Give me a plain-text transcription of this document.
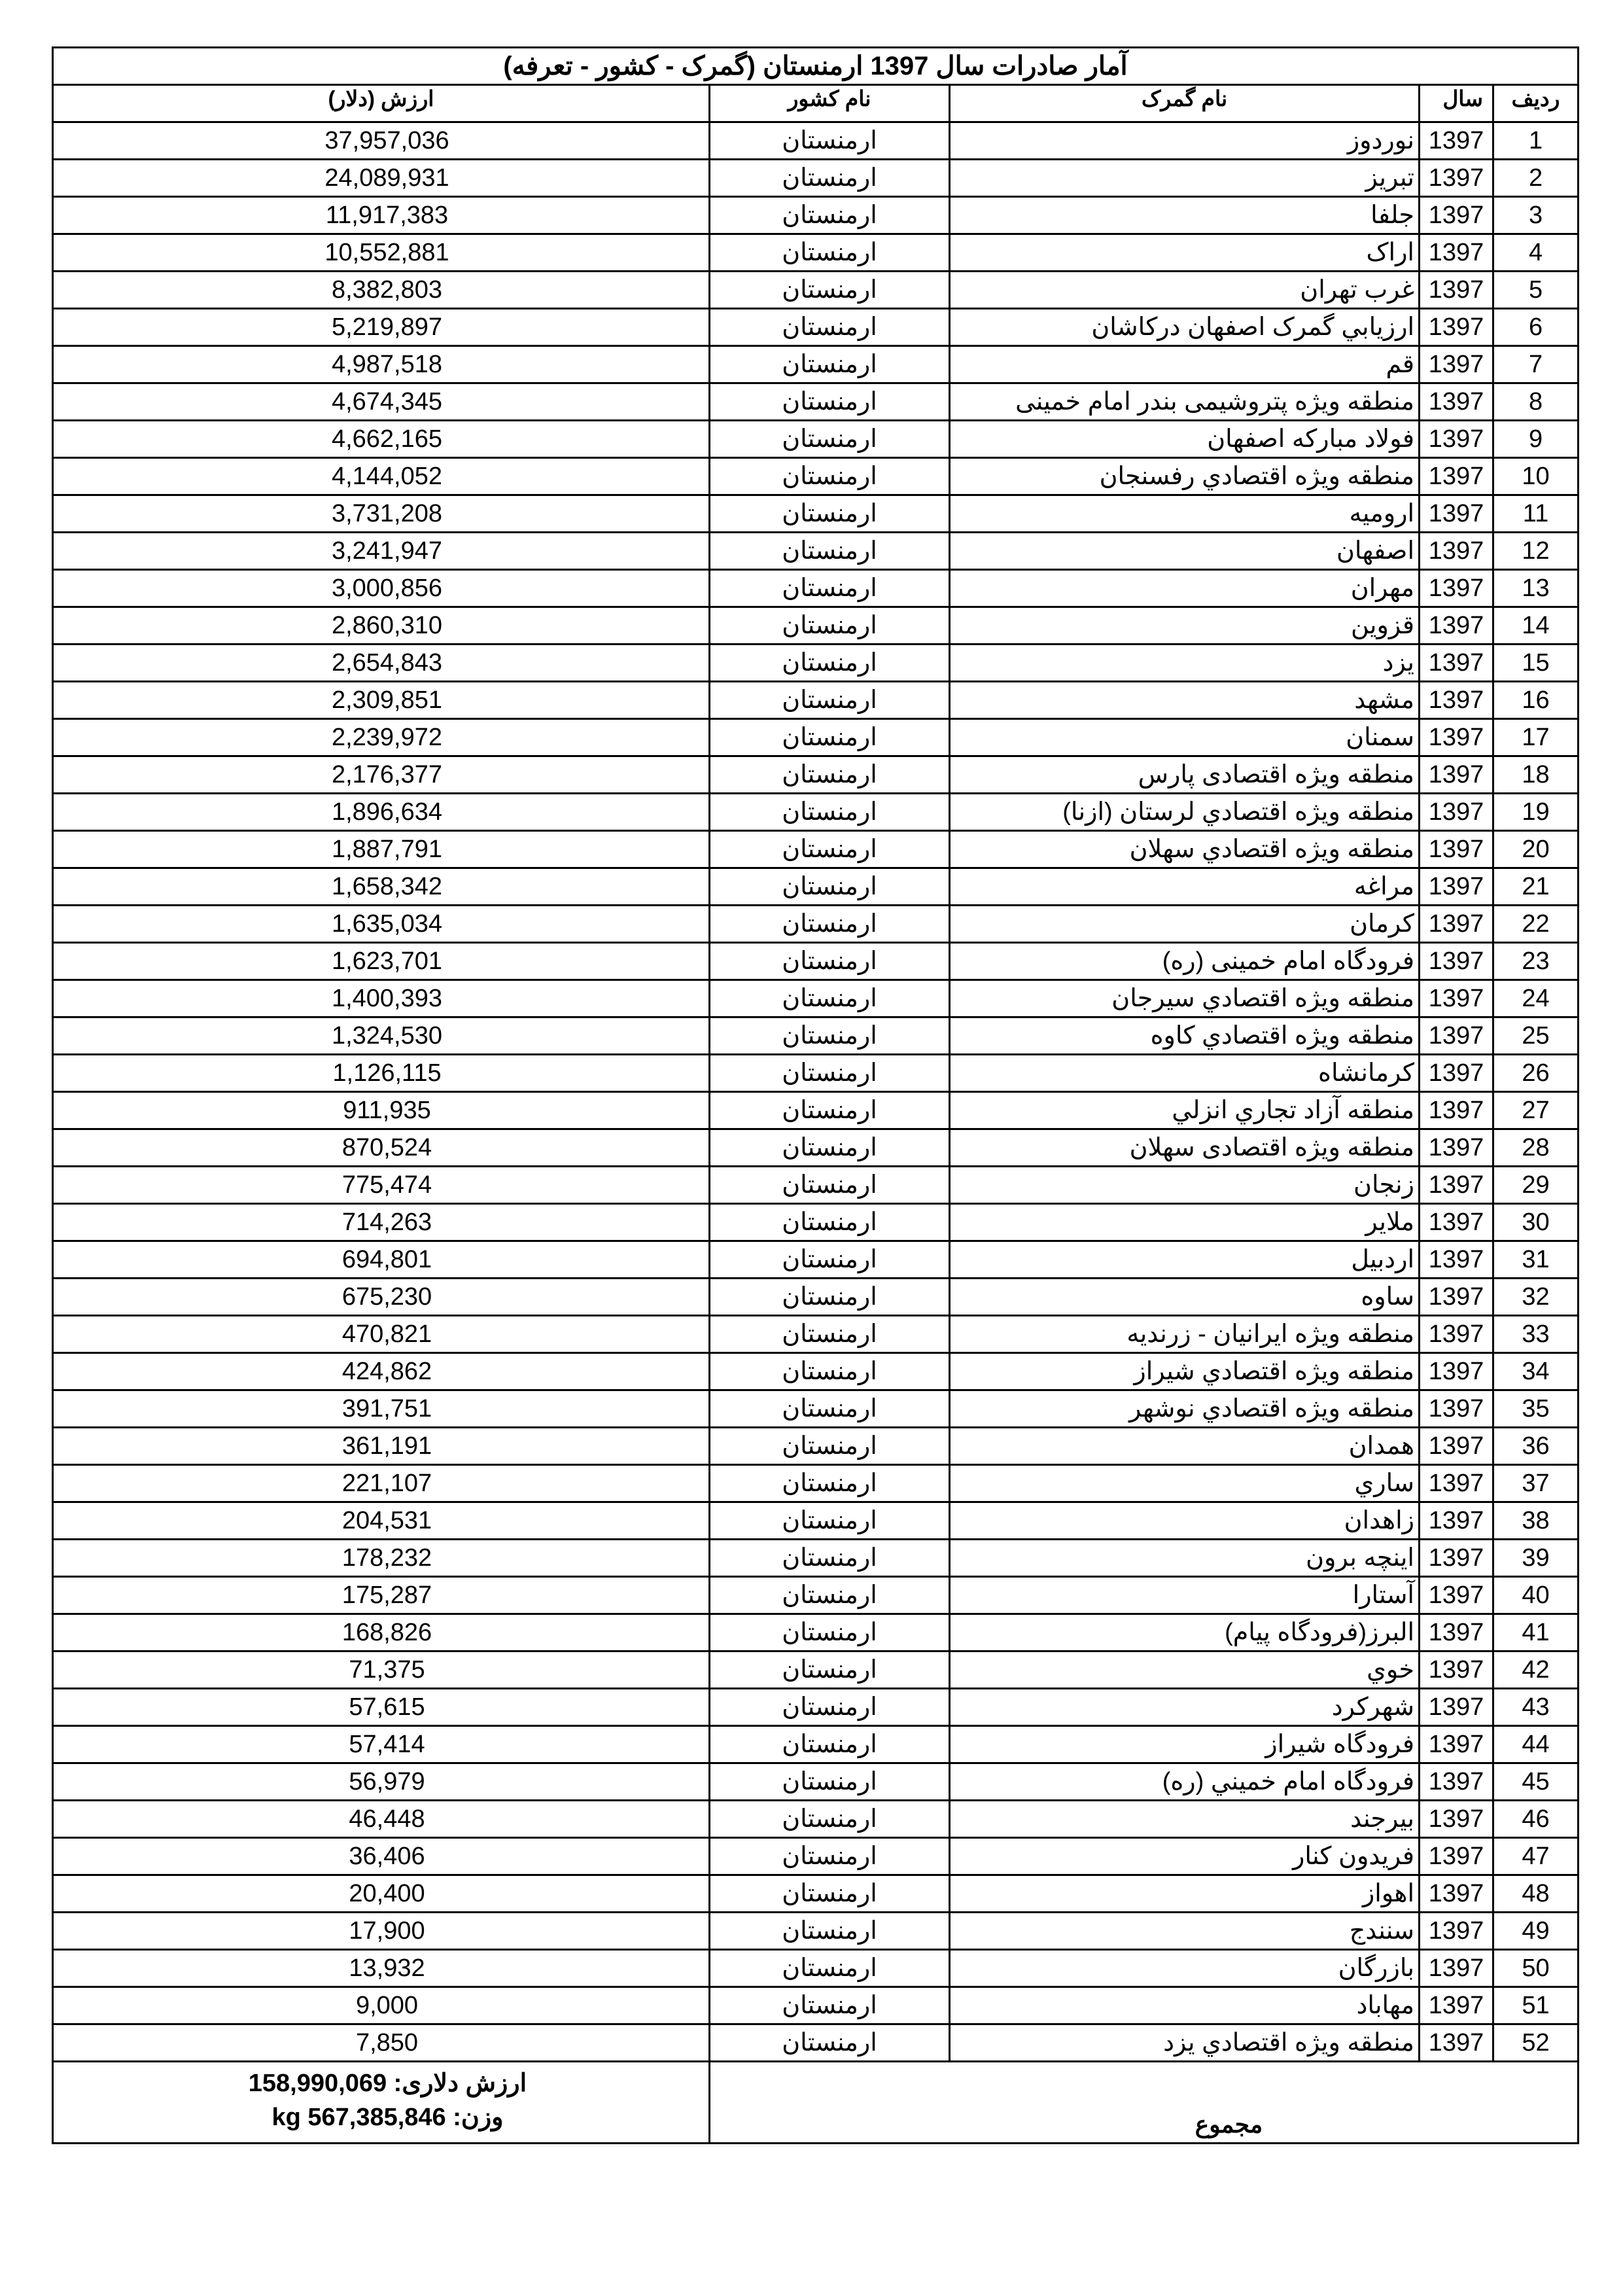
آمار صادرات سال 1397 ارمنستان (گمرک - کشور - تعرفه)				
ارزش (دلار)	نام کشور	نام گمرک	سال	ردیف
37,957,036	ارمنستان	نوردوز	1397	1
24,089,931	ارمنستان	تبریز	1397	2
11,917,383	ارمنستان	جلفا	1397	3
10,552,881	ارمنستان	اراک	1397	4
8,382,803	ارمنستان	غرب تهران	1397	5
5,219,897	ارمنستان	ارزیابي گمرک اصفهان درکاشان	1397	6
4,987,518	ارمنستان	قم	1397	7
4,674,345	ارمنستان	منطقه ویژه پتروشیمی بندر امام خمینی	1397	8
4,662,165	ارمنستان	فولاد مبارکه اصفهان	1397	9
4,144,052	ارمنستان	منطقه ویژه اقتصادي رفسنجان	1397	10
3,731,208	ارمنستان	ارومیه	1397	11
3,241,947	ارمنستان	اصفهان	1397	12
3,000,856	ارمنستان	مهران	1397	13
2,860,310	ارمنستان	قزوین	1397	14
2,654,843	ارمنستان	یزد	1397	15
2,309,851	ارمنستان	مشهد	1397	16
2,239,972	ارمنستان	سمنان	1397	17
2,176,377	ارمنستان	منطقه ویژه اقتصادی پارس	1397	18
1,896,634	ارمنستان	منطقه ویژه اقتصادي لرستان (ازنا)	1397	19
1,887,791	ارمنستان	منطقه ویژه اقتصادي سهلان	1397	20
1,658,342	ارمنستان	مراغه	1397	21
1,635,034	ارمنستان	کرمان	1397	22
1,623,701	ارمنستان	فرودگاه امام خمینی (ره)	1397	23
1,400,393	ارمنستان	منطقه ویژه اقتصادي سیرجان	1397	24
1,324,530	ارمنستان	منطقه ویژه اقتصادي کاوه	1397	25
1,126,115	ارمنستان	کرمانشاه	1397	26
911,935	ارمنستان	منطقه آزاد تجاري انزلي	1397	27
870,524	ارمنستان	منطقه ویژه اقتصادی سهلان	1397	28
775,474	ارمنستان	زنجان	1397	29
714,263	ارمنستان	ملایر	1397	30
694,801	ارمنستان	اردبیل	1397	31
675,230	ارمنستان	ساوه	1397	32
470,821	ارمنستان	منطقه ویژه ایرانیان - زرندیه	1397	33
424,862	ارمنستان	منطقه ویژه اقتصادي شیراز	1397	34
391,751	ارمنستان	منطقه ویژه اقتصادي نوشهر	1397	35
361,191	ارمنستان	همدان	1397	36
221,107	ارمنستان	ساري	1397	37
204,531	ارمنستان	زاهدان	1397	38
178,232	ارمنستان	اینچه برون	1397	39
175,287	ارمنستان	آستارا	1397	40
168,826	ارمنستان	البرز(فرودگاه پیام)	1397	41
71,375	ارمنستان	خوي	1397	42
57,615	ارمنستان	شهرکرد	1397	43
57,414	ارمنستان	فرودگاه شیراز	1397	44
56,979	ارمنستان	فرودگاه امام خميني (ره)	1397	45
46,448	ارمنستان	بیرجند	1397	46
36,406	ارمنستان	فریدون کنار	1397	47
20,400	ارمنستان	اهواز	1397	48
17,900	ارمنستان	سنندج	1397	49
13,932	ارمنستان	بازرگان	1397	50
9,000	ارمنستان	مهاباد	1397	51
7,850	ارمنستان	منطقه ویژه اقتصادي یزد	1397	52

ارزش دلاری: 158,990,069
وزن: kg 567,385,846	مجموع			
